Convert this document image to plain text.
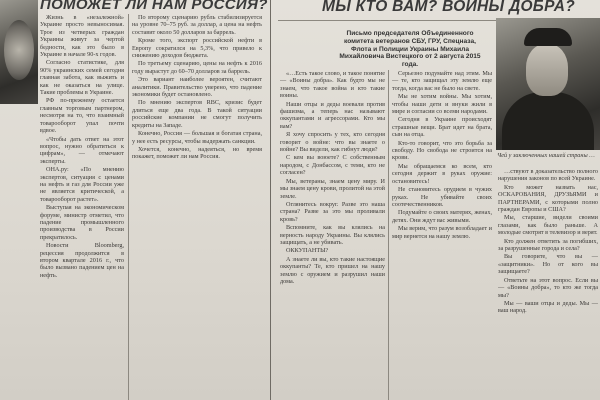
ПОМОЖЕТ ЛИ НАМ РОССИЯ?

Жизнь в «незалежной» Украине просто невыносимая. Трое из четверых граждан Украины живут за чертой бедности, как это было в Украине в начале 90-х годов.

Согласно статистике, для 90% украинских семей сегодня главная забота, как выжить и как не оказаться на улице. Такие проблемы в Украине.

РФ по-прежнему остается главным торговым партнером, несмотря на то, что взаимный товарооборот упал почти вдвое.

«Чтобы дать ответ на этот вопрос, нужно обратиться к цифрам», — отмечают эксперты.

ОНА.ру: «По мнению экспертов, ситуация с ценами на нефть и газ для России уже не является критической, а товарооборот растет».

Выступая на экономическом форуме, министр отметил, что падение промышленного производства в России прекратилось.

Новости Bloomberg, рецессия продолжится в втором квартале 2016 г., что было вызвано падением цен на нефть.

По второму сценарию рубль стабилизируется на уровне 70–75 руб. за доллар, а цена на нефть составит около 50 долларов за баррель.

Кроме того, экспорт российской нефти в Европу сократился на 5,3%, что привело к снижению доходов бюджета.

По третьему сценарию, цены на нефть к 2016 году вырастут до 60–70 долларов за баррель.

Это вариант наиболее вероятен, считают аналитики. Правительство уверено, что падение экономики будет остановлено.

По мнению экспертов RBC, кризис будет длиться еще два года. В такой ситуации российские компании не смогут получить кредиты на Западе.

Конечно, Россия — большая и богатая страна, у нее есть ресурсы, чтобы выдержать санкции.

Хочется, конечно, надеяться, но время покажет, поможет ли нам Россия.

МЫ КТО ВАМ? ВОИНЫ ДОБРА?
Письмо председателя Объединенного комитета ветеранов СБУ, ГРУ, Спецназа, Флота и Полиции Украины Михаила Михайловича Вистецкого от 2 августа 2015 года.

«…Есть такое слово, и такое понятие — «Воины добра». Как будто мы не знаем, что такое война и кто такие воины.

Наши отцы и деды воевали против фашизма, а теперь нас называют оккупантами и агрессорами. Кто мы вам?

Я хочу спросить у тех, кто сегодня говорит о войне: что вы знаете о войне? Вы видели, как гибнут люди?

С кем вы воюете? С собственным народом, с Донбассом, с теми, кто не согласен?

Мы, ветераны, знаем цену миру. И мы знаем цену крови, пролитой на этой земле.

Оглянитесь вокруг. Разве это наша страна? Разве за это мы проливали кровь?

Вспомните, как вы клялись на верность народу Украины. Вы клялись защищать, а не убивать.

ОККУПАНТЫ?

А знаете ли вы, кто такие настоящие оккупанты? Те, кто пришел на нашу землю с оружием и разрушил наши дома.

Серьезно подумайте над этим. Мы — те, кто защищал эту землю еще тогда, когда вас не было на свете.

Мы не хотим войны. Мы хотим, чтобы наши дети и внуки жили в мире и согласии со всеми народами.

Сегодня в Украине происходят страшные вещи. Брат идет на брата, сын на отца.

Кто-то говорит, что это борьба за свободу. Но свобода не строится на крови.

Мы обращаемся ко всем, кто сегодня держит в руках оружие: остановитесь!

Не становитесь орудием в чужих руках. Не убивайте своих соотечественников.

Подумайте о своих матерях, женах, детях. Они ждут вас живыми.

Мы верим, что разум возобладает и мир вернется на нашу землю.

Чей у заключенных нашей страны …

…ствуют в доказательство полного нарушения законов по всей Украине.

Кто может назвать нас, ОСКАРОВАНИЯ, ДРУЗЬЯМИ и ПАРТНЕРАМИ, с которыми полно граждан Европы и США?

Мы, старшие, видели своими глазами, как было раньше. А молодые смотрят в телевизор и верят.

Кто должен ответить за погибших, за разрушенные города и села?

Вы говорите, что вы — «защитники». Но от кого вы защищаете?

Ответьте на этот вопрос. Если вы — «Воины добра», то кто же тогда мы?

Мы — ваши отцы и деды. Мы — ваш народ.
